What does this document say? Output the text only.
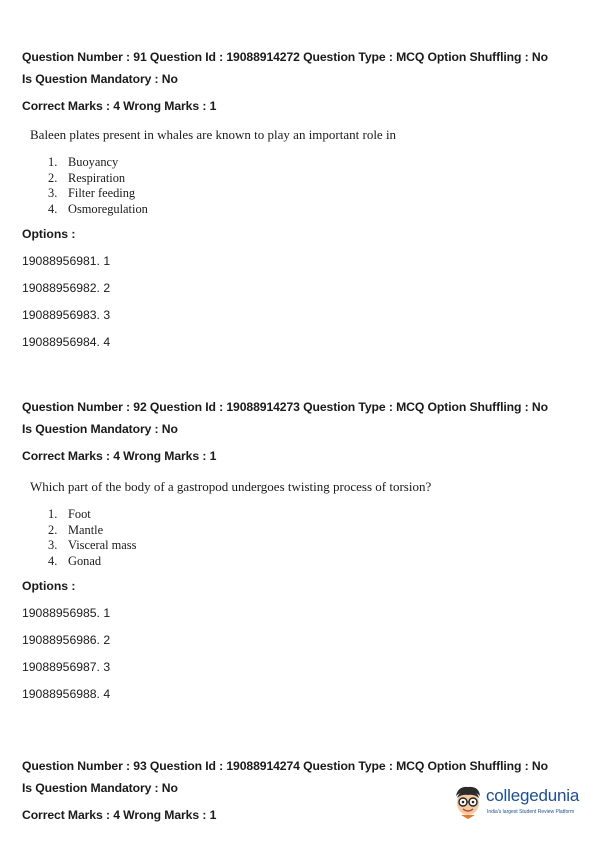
Question Number : 91 Question Id : 19088914272 Question Type : MCQ Option Shuffling : No
Is Question Mandatory : No
Correct Marks : 4 Wrong Marks : 1
Baleen plates present in whales are known to play an important role in
1. Buoyancy
2. Respiration
3. Filter feeding
4. Osmoregulation
Options :
19088956981. 1
19088956982. 2
19088956983. 3
19088956984. 4
Question Number : 92 Question Id : 19088914273 Question Type : MCQ Option Shuffling : No
Is Question Mandatory : No
Correct Marks : 4 Wrong Marks : 1
Which part of the body of a gastropod undergoes twisting process of torsion?
1. Foot
2. Mantle
3. Visceral mass
4. Gonad
Options :
19088956985. 1
19088956986. 2
19088956987. 3
19088956988. 4
Question Number : 93 Question Id : 19088914274 Question Type : MCQ Option Shuffling : No
Is Question Mandatory : No
Correct Marks : 4 Wrong Marks : 1
collegedunia
India's largest Student Review Platform
